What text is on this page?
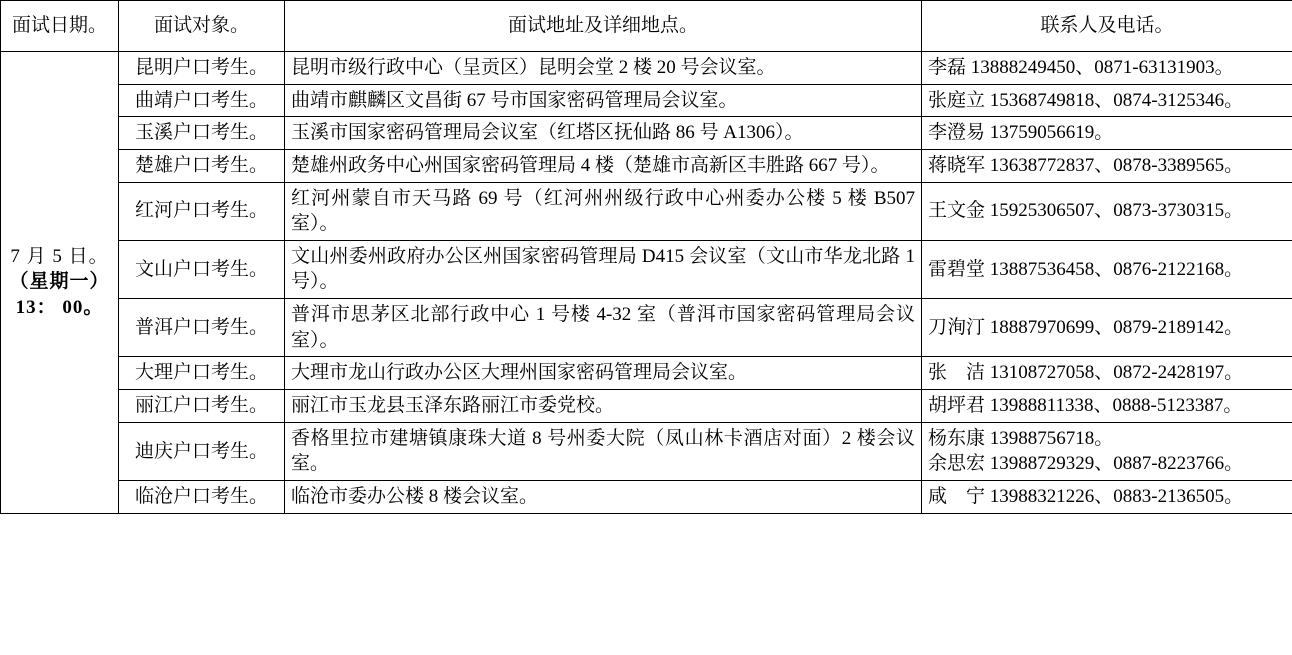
面试日期。	面试对象。	面试地址及详细地点。	联系人及电话。

7 月 5 日。
（星期一）
13： 00。	昆明户口考生。	昆明市级行政中心（呈贡区）昆明会堂 2 楼 20 号会议室。	李磊 13888249450、0871-63131903。

	曲靖户口考生。	曲靖市麒麟区文昌街 67 号市国家密码管理局会议室。	张庭立 15368749818、0874-3125346。

	玉溪户口考生。	玉溪市国家密码管理局会议室（红塔区抚仙路 86 号 A1306）。	李澄易 13759056619。

	楚雄户口考生。	楚雄州政务中心州国家密码管理局 4 楼（楚雄市高新区丰胜路 667 号）。	蒋晓军 13638772837、0878-3389565。

	红河户口考生。	红河州蒙自市天马路 69 号（红河州州级行政中心州委办公楼 5 楼 B507 室）。	王文金 15925306507、0873-3730315。

	文山户口考生。	文山州委州政府办公区州国家密码管理局 D415 会议室（文山市华龙北路 1 号）。	雷碧堂 13887536458、0876-2122168。

	普洱户口考生。	普洱市思茅区北部行政中心 1 号楼 4-32 室（普洱市国家密码管理局会议室）。	刀洵汀 18887970699、0879-2189142。

	大理户口考生。	大理市龙山行政办公区大理州国家密码管理局会议室。	张　洁 13108727058、0872-2428197。

	丽江户口考生。	丽江市玉龙县玉泽东路丽江市委党校。	胡坪君 13988811338、0888-5123387。

	迪庆户口考生。	香格里拉市建塘镇康珠大道 8 号州委大院（凤山林卡酒店对面）2 楼会议室。	杨东康 13988756718。
余思宏 13988729329、0887-8223766。

	临沧户口考生。	临沧市委办公楼 8 楼会议室。	咸　宁 13988321226、0883-2136505。
